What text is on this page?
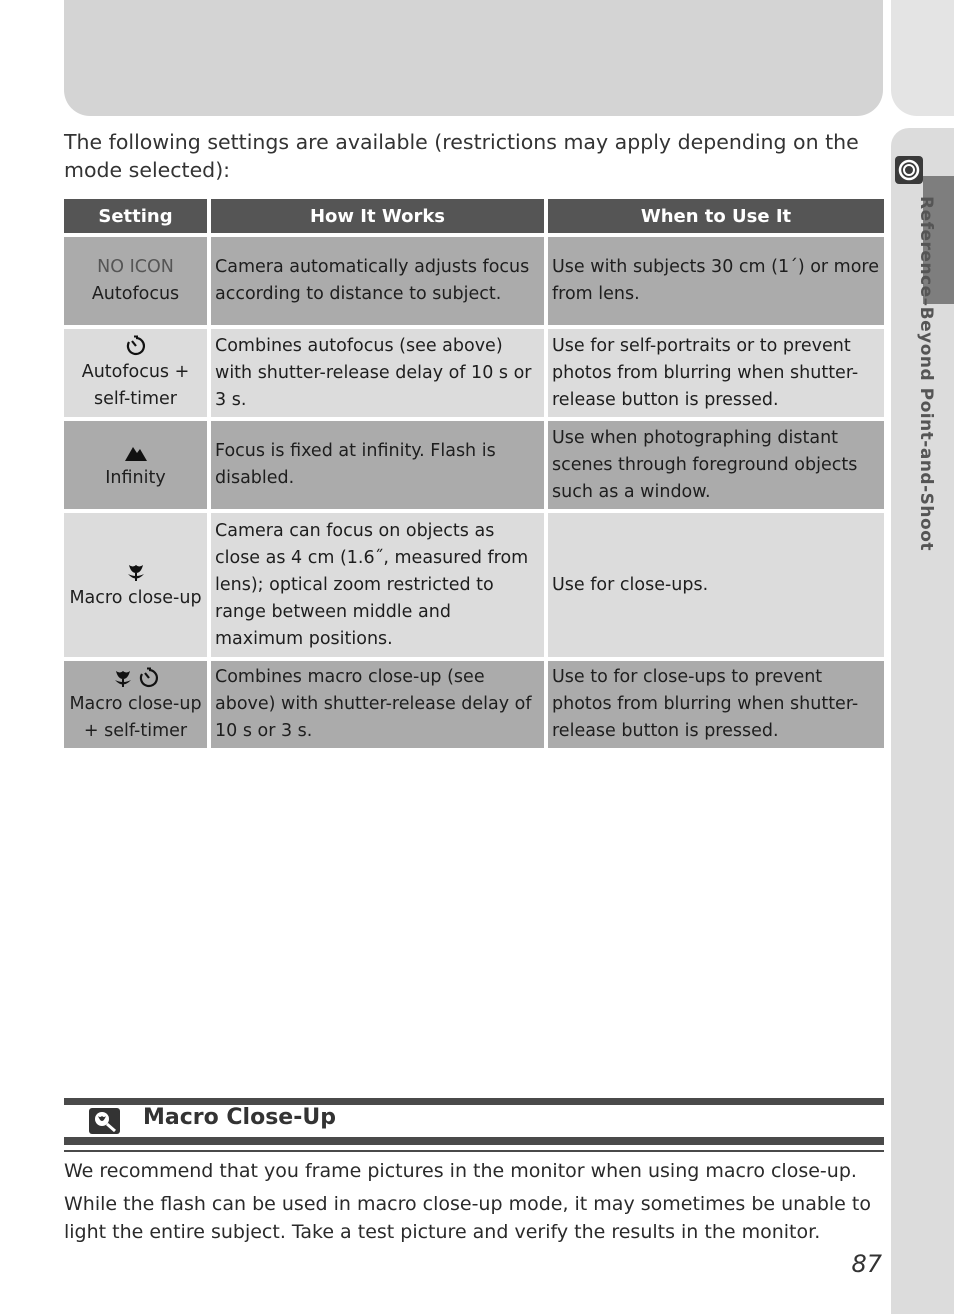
Reference–Beyond Point-and-Shoot

The following settings are available (restrictions may apply depending on the mode selected):

Setting	How It Works	When to Use It

NO ICON
Autofocus	Camera automatically adjusts focus according to distance to subject.	Use with subjects 30 cm (1´) or more from lens.

Autofocus + self-timer	Combines autofocus (see above) with shutter-release delay of 10 s or 3 s.	Use for self-portraits or to prevent photos from blurring when shutter-release button is pressed.

Infinity	Focus is fixed at infinity. Flash is disabled.	Use when photographing distant scenes through foreground objects such as a window.

Macro close-up	Camera can focus on objects as close as 4 cm (1.6˝, measured from lens); optical zoom restricted to range between middle and maximum positions.	Use for close-ups.

Macro close-up + self-timer	Combines macro close-up (see above) with shutter-release delay of 10 s or 3 s.	Use to for close-ups to prevent photos from blurring when shutter-release button is pressed.
Macro Close-Up

We recommend that you frame pictures in the monitor when using macro close-up.

While the flash can be used in macro close-up mode, it may sometimes be unable to light the entire subject. Take a test picture and verify the results in the monitor.

87
